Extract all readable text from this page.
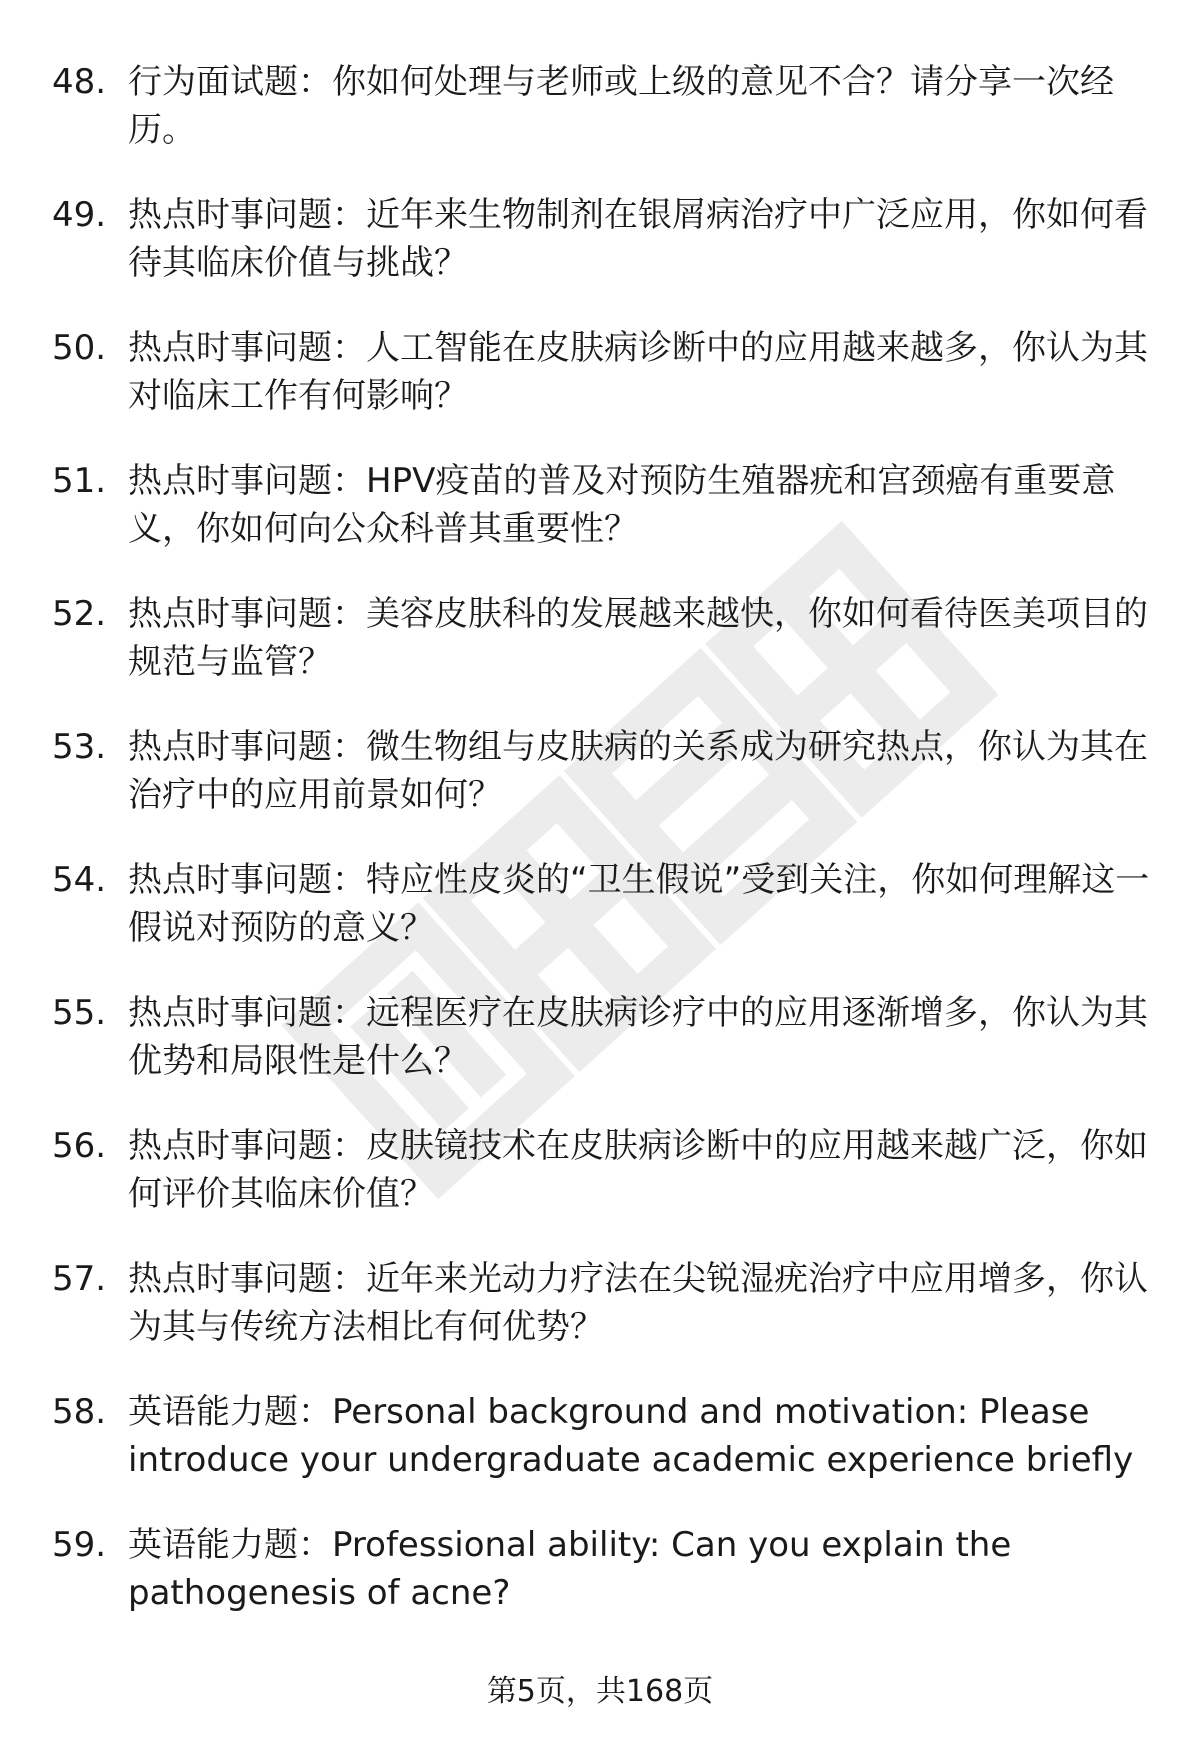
48. 行为面试题：你如何处理与老师或上级的意见不合？请分享一次经历。
49. 热点时事问题：近年来生物制剂在银屑病治疗中广泛应用，你如何看待其临床价值与挑战？
50. 热点时事问题：人工智能在皮肤病诊断中的应用越来越多，你认为其对临床工作有何影响？
51. 热点时事问题：HPV疫苗的普及对预防生殖器疣和宫颈癌有重要意义，你如何向公众科普其重要性？
52. 热点时事问题：美容皮肤科的发展越来越快，你如何看待医美项目的规范与监管？
53. 热点时事问题：微生物组与皮肤病的关系成为研究热点，你认为其在治疗中的应用前景如何？
54. 热点时事问题：特应性皮炎的“卫生假说”受到关注，你如何理解这一假说对预防的意义？
55. 热点时事问题：远程医疗在皮肤病诊疗中的应用逐渐增多，你认为其优势和局限性是什么？
56. 热点时事问题：皮肤镜技术在皮肤病诊断中的应用越来越广泛，你如何评价其临床价值？
57. 热点时事问题：近年来光动力疗法在尖锐湿疣治疗中应用增多，你认为其与传统方法相比有何优势？
58. 英语能力题：Personal background and motivation: Please introduce your undergraduate academic experience briefly
59. 英语能力题：Professional ability: Can you explain the pathogenesis of acne?
第5页，共168页
